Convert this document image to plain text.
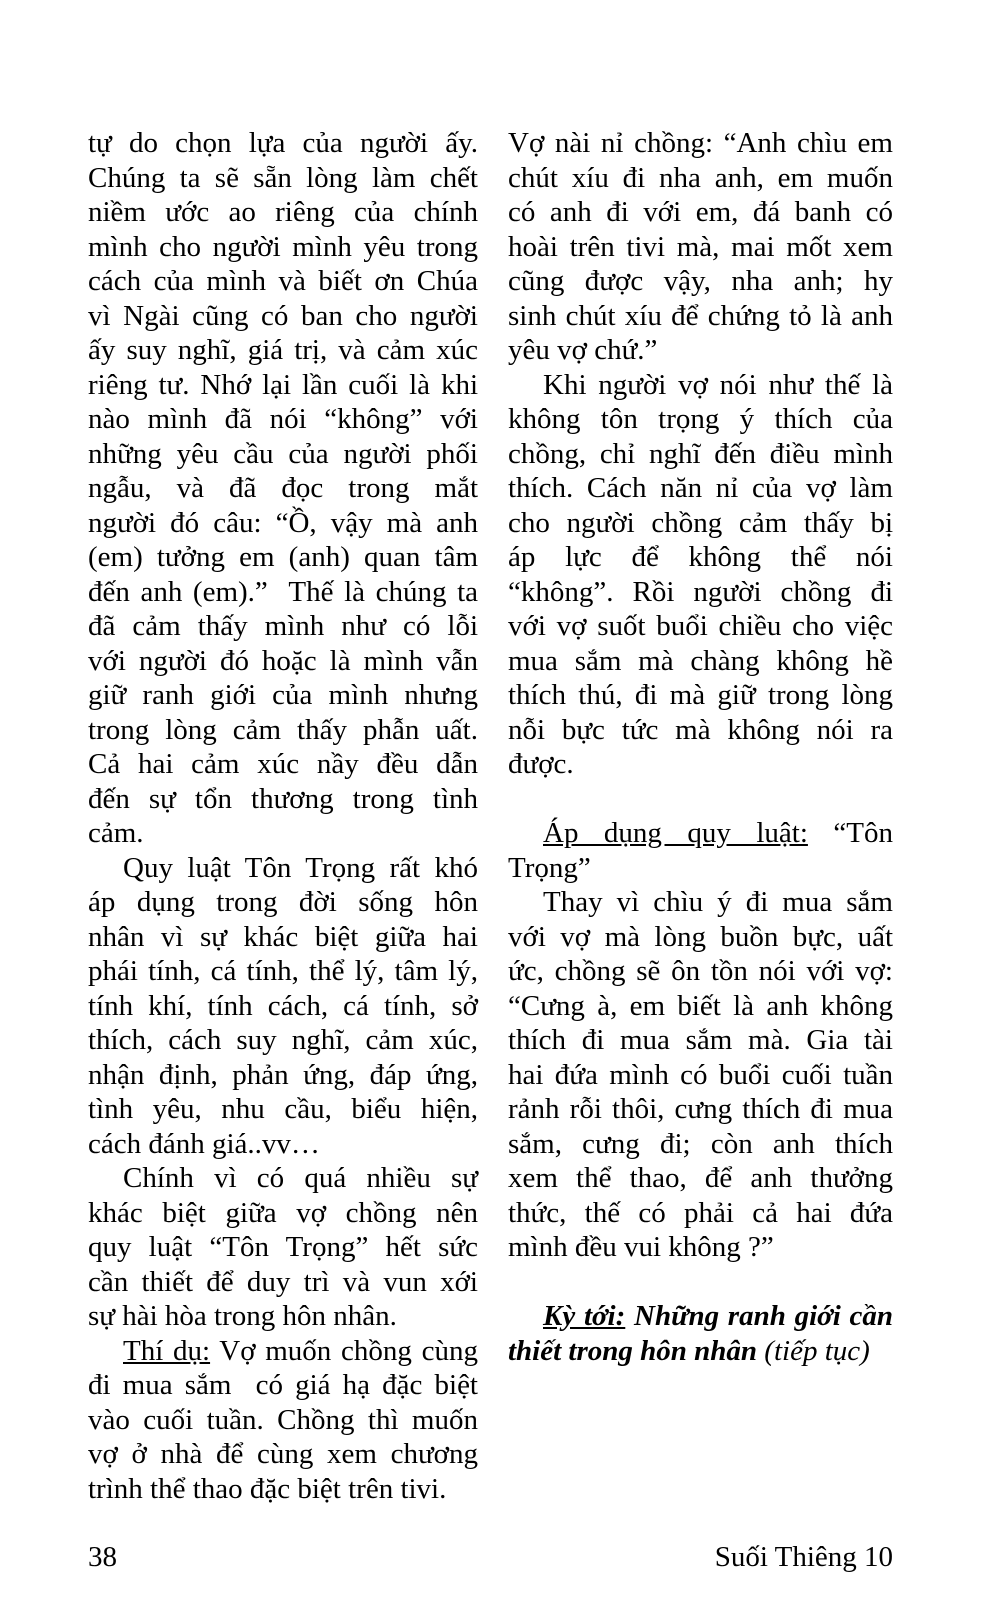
tự do chọn lựa của người ấy.
Chúng ta sẽ sẵn lòng làm chết
niềm ước ao riêng của chính
mình cho người mình yêu trong
cách của mình và biết ơn Chúa
vì Ngài cũng có ban cho người
ấy suy nghĩ, giá trị, và cảm xúc
riêng tư. Nhớ lại lần cuối là khi
nào mình đã nói “không” với
những yêu cầu của người phối
ngẫu, và đã đọc trong mắt
người đó câu: “Ồ, vậy mà anh
(em) tưởng em (anh) quan tâm
đến anh (em).”  Thế là chúng ta
đã cảm thấy mình như có lỗi
với người đó hoặc là mình vẫn
giữ ranh giới của mình nhưng
trong lòng cảm thấy phẫn uất.
Cả hai cảm xúc nầy đều dẫn
đến sự tổn thương trong tình
cảm.
Quy luật Tôn Trọng rất khó
áp dụng trong đời sống hôn
nhân vì sự khác biệt giữa hai
phái tính, cá tính, thể lý, tâm lý,
tính khí, tính cách, cá tính, sở
thích, cách suy nghĩ, cảm xúc,
nhận định, phản ứng, đáp ứng,
tình yêu, nhu cầu, biểu hiện,
cách đánh giá..vv…
Chính vì có quá nhiều sự
khác biệt giữa vợ chồng nên
quy luật “Tôn Trọng” hết sức
cần thiết để duy trì và vun xới
sự hài hòa trong hôn nhân.
Thí dụ: Vợ muốn chồng cùng
đi mua sắm  có giá hạ đặc biệt
vào cuối tuần. Chồng thì muốn
vợ ở nhà để cùng xem chương
trình thể thao đặc biệt trên tivi.
Vợ nài nỉ chồng: “Anh chìu em
chút xíu đi nha anh, em muốn
có anh đi với em, đá banh có
hoài trên tivi mà, mai mốt xem
cũng được vậy, nha anh; hy
sinh chút xíu để chứng tỏ là anh
yêu vợ chứ.”
Khi người vợ nói như thế là
không tôn trọng ý thích của
chồng, chỉ nghĩ đến điều mình
thích. Cách năn nỉ của vợ làm
cho người chồng cảm thấy bị
áp lực để không thể nói
“không”. Rồi người chồng đi
với vợ suốt buổi chiều cho việc
mua sắm mà chàng không hề
thích thú, đi mà giữ trong lòng
nỗi bực tức mà không nói ra
được.
Áp dụng quy luật: “Tôn
Trọng”
Thay vì chìu ý đi mua sắm
với vợ mà lòng buồn bực, uất
ức, chồng sẽ ôn tồn nói với vợ:
“Cưng à, em biết là anh không
thích đi mua sắm mà. Gia tài
hai đứa mình có buổi cuối tuần
rảnh rỗi thôi, cưng thích đi mua
sắm, cưng đi; còn anh thích
xem thể thao, để anh thưởng
thức, thế có phải cả hai đứa
mình đều vui không ?”
Kỳ tới: Những ranh giới cần
thiết trong hôn nhân (tiếp tục)
38	Suối Thiêng 10
